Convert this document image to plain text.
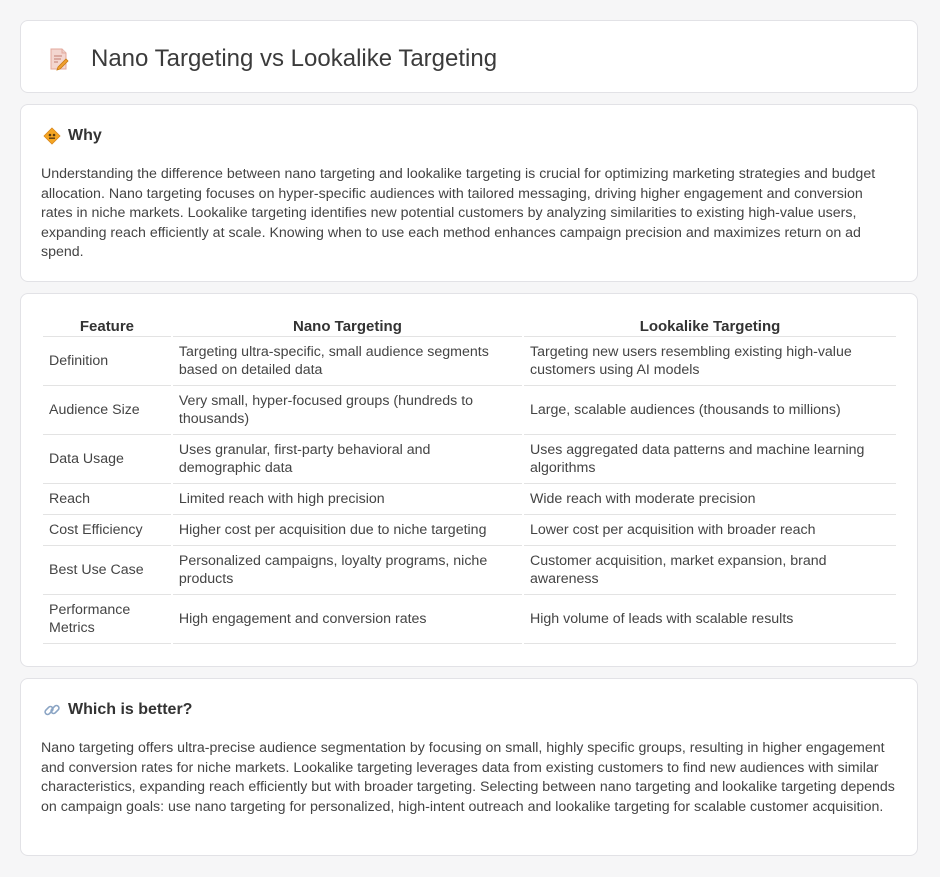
Nano Targeting vs Lookalike Targeting
Why

Understanding the difference between nano targeting and lookalike targeting is crucial for optimizing marketing strategies and budget allocation. Nano targeting focuses on hyper-specific audiences with tailored messaging, driving higher engagement and conversion rates in niche markets. Lookalike targeting identifies new potential customers by analyzing similarities to existing high-value users, expanding reach efficiently at scale. Knowing when to use each method enhances campaign precision and maximizes return on ad spend.

Feature	Nano Targeting	Lookalike Targeting
Definition	Targeting ultra-specific, small audience segments based on detailed data	Targeting new users resembling existing high-value customers using AI models
Audience Size	Very small, hyper-focused groups (hundreds to thousands)	Large, scalable audiences (thousands to millions)
Data Usage	Uses granular, first-party behavioral and demographic data	Uses aggregated data patterns and machine learning algorithms
Reach	Limited reach with high precision	Wide reach with moderate precision
Cost Efficiency	Higher cost per acquisition due to niche targeting	Lower cost per acquisition with broader reach
Best Use Case	Personalized campaigns, loyalty programs, niche products	Customer acquisition, market expansion, brand awareness
Performance Metrics	High engagement and conversion rates	High volume of leads with scalable results
Which is better?

Nano targeting offers ultra-precise audience segmentation by focusing on small, highly specific groups, resulting in higher engagement and conversion rates for niche markets. Lookalike targeting leverages data from existing customers to find new audiences with similar characteristics, expanding reach efficiently but with broader targeting. Selecting between nano targeting and lookalike targeting depends on campaign goals: use nano targeting for personalized, high-intent outreach and lookalike targeting for scalable customer acquisition.
